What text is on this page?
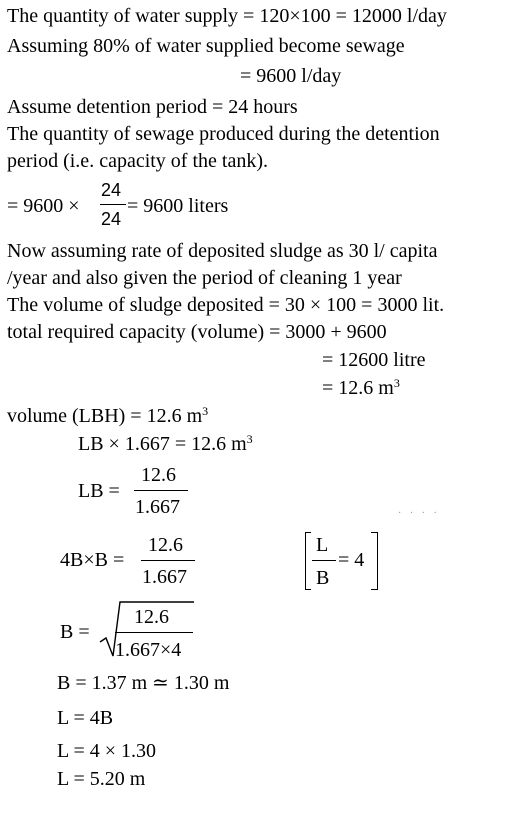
The quantity of water supply = 120×100 = 12000 l/day
Assuming 80% of water supplied become sewage
= 9600 l/day
Assume detention period = 24 hours
The quantity of sewage produced during the detention
period (i.e. capacity of the tank).
= 9600 ×
24
24
= 9600 liters
Now assuming rate of deposited sludge as 30 l/ capita
/year and also given the period of cleaning 1 year
The volume of sludge deposited = 30 × 100 = 3000 lit.
total required capacity (volume) = 3000 + 9600
= 12600 litre
= 12.6 $m^3$
volume (LBH) = 12.6 $m^3$
LB × 1.667 = 12.6 $m^3$
LB =
12.6
1.667	· · · ·
4B×B =
12.6
1.667
L
B
= 4
B =
12.6
1.667×4
B = 1.37 m ≃ 1.30 m
L = 4B
L = 4 × 1.30
L = 5.20 m
